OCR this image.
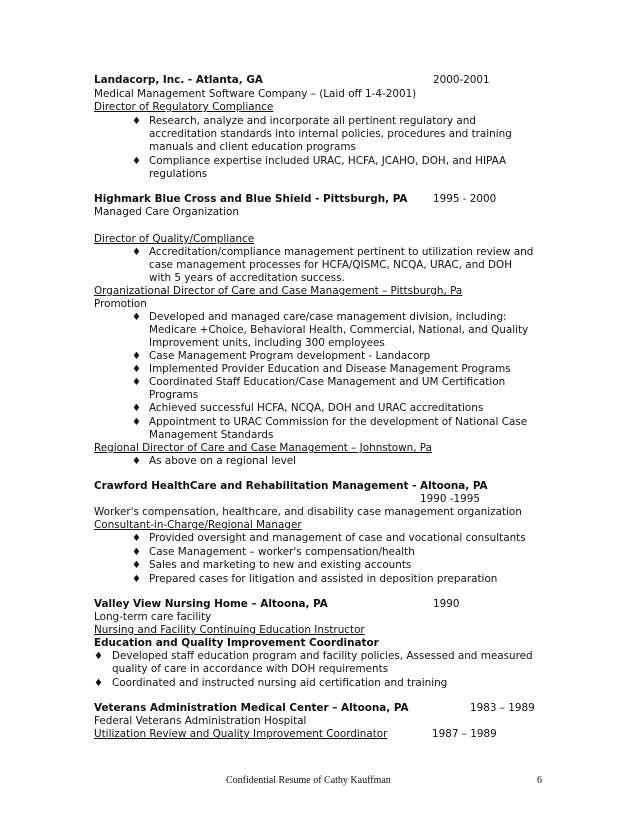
Landacorp, Inc. - Atlanta, GA	2000-2001
Medical Management Software Company – (Laid off 1-4-2001)
Director of Regulatory Compliance
♦ Research, analyze and incorporate all pertinent regulatory and
accreditation standards into internal policies, procedures and training
manuals and client education programs
♦ Compliance expertise included URAC, HCFA, JCAHO, DOH, and HIPAA
regulations
Highmark Blue Cross and Blue Shield - Pittsburgh, PA 1995 - 2000
Managed Care Organization
Director of Quality/Compliance
♦ Accreditation/compliance management pertinent to utilization review and
case management processes for HCFA/QISMC, NCQA, URAC, and DOH
with 5 years of accreditation success.
Organizational Director of Care and Case Management – Pittsburgh, Pa
Promotion
♦ Developed and managed care/case management division, including:
Medicare +Choice, Behavioral Health, Commercial, National, and Quality
Improvement units, including 300 employees
♦ Case Management Program development - Landacorp
♦ Implemented Provider Education and Disease Management Programs
♦ Coordinated Staff Education/Case Management and UM Certification
Programs
♦ Achieved successful HCFA, NCQA, DOH and URAC accreditations
♦ Appointment to URAC Commission for the development of National Case
Management Standards
Regional Director of Care and Case Management – Johnstown, Pa
♦ As above on a regional level
Crawford HealthCare and Rehabilitation Management - Altoona, PA
1990 -1995
Worker's compensation, healthcare, and disability case management organization
Consultant-in-Charge/Regional Manager
♦ Provided oversight and management of case and vocational consultants
♦ Case Management – worker's compensation/health
♦ Sales and marketing to new and existing accounts
♦ Prepared cases for litigation and assisted in deposition preparation
Valley View Nursing Home – Altoona, PA	1990
Long-term care facility
Nursing and Facility Continuing Education Instructor
Education and Quality Improvement Coordinator
♦ Developed staff education program and facility policies, Assessed and measured
quality of care in accordance with DOH requirements
♦ Coordinated and instructed nursing aid certification and training
Veterans Administration Medical Center – Altoona, PA	1983 – 1989
Federal Veterans Administration Hospital
Utilization Review and Quality Improvement Coordinator	1987 – 1989
Confidential Resume of Cathy Kauffman	6
